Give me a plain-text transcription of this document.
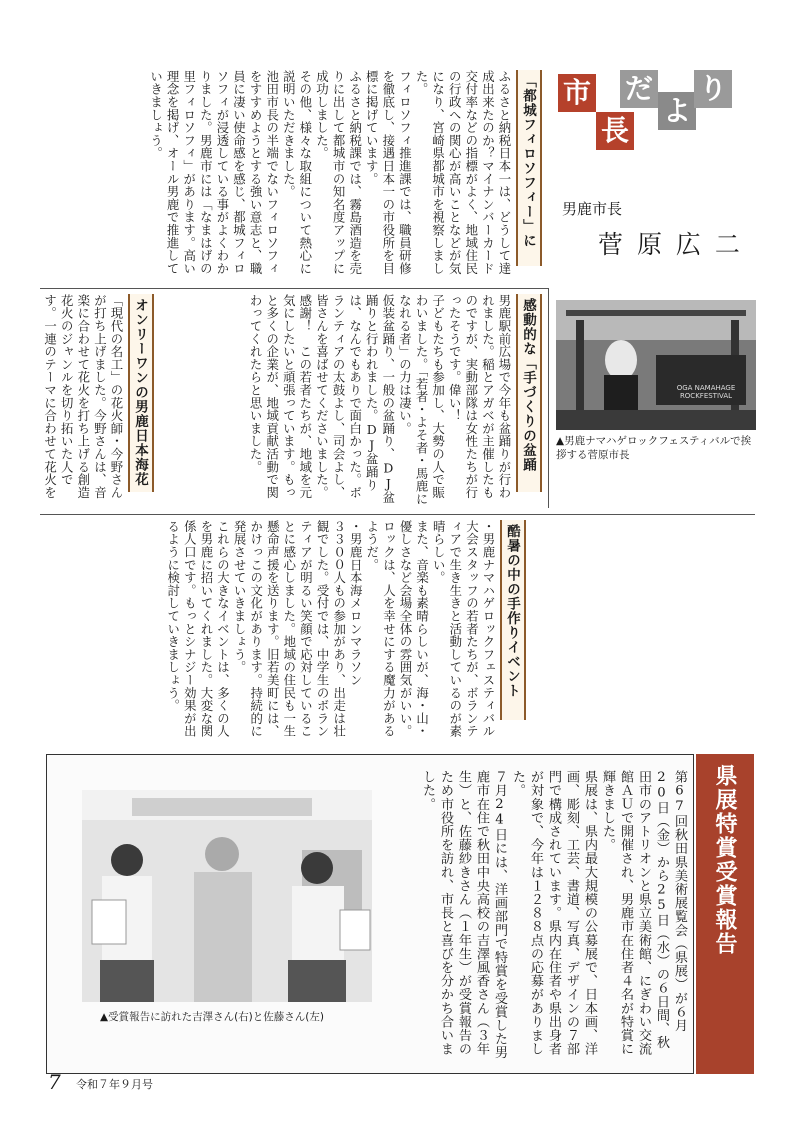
市
長
だ
よ
り
男鹿市長
菅 原 広 二
「都城フィロソフィー」に
ふるさと納税日本一は、どうして達成出来たのか？マイナンバーカード交付率などの指標がよく、地域住民の行政への関心が高いことなどが気になり、宮崎県都城市を視察しました。
フィロソフィ推進課では、職員研修を徹底し、接遇日本一の市役所を目標に掲げています。
ふるさと納税課では、霧島酒造を売りに出して都城市の知名度アップに成功しました。
その他、様々な取組について熱心に説明いただきました。
池田市長の半端でないフィロソフィをすすめようとする強い意志と、職員に凄い使命感を感じ、都城フィロソフィが浸透している事がよくわかりました。男鹿市には「なまはげの里フィロソフィ」があります。高い理念を掲げ、オール男鹿で推進していきましょう。
OGA NAMAHAGE ROCKFESTIVAL
▲男鹿ナマハゲロックフェスティバルで挨拶する菅原市長
感動的な「手づくりの盆踊
男鹿駅前広場で今年も盆踊りが行われました。稲とアガベが主催したものですが、実動部隊は女性たちが行ったそうです。偉い！
子どもたちも参加し、大勢の人で賑わいました。「若者・よそ者・馬鹿になれる者」の力は凄い。
仮装盆踊り、一般の盆踊り、DJ盆踊りと行われました。DJ盆踊りは、なんでもありで面白かった。ボランティアの太鼓よし、司会よし、皆さんを喜ばせてくださいました。感謝！　この若者たちが、地域を元気にしたいと頑張っています。もっと多くの企業が、地域貢献活動で関わってくれたらと思いました。
オンリーワンの男鹿日本海花
「現代の名工」の花火師・今野さんが打ち上げました。今野さんは、音楽に合わせて花火を打ち上げる創造花火のジャンルを切り拓いた人です。一連のテーマに合わせて花火を

酷暑の中の手作りイベント
・男鹿ナマハゲロックフェスティバル
大会スタッフの若者たちが、ボランティアで生き生きと活動しているのが素晴らしい。
また、音楽も素晴らしいが、海・山・優しさなど会場全体の雰囲気がいい。ロックは、人を幸せにする魔力があるようだ。
・男鹿日本海メロンマラソン
３３００人もの参加があり、出走は壮観でした。受付では、中学生のボランティアが明るい笑顔で応対していることに感心しました。地域の住民も一生懸命声援を送ります。旧若美町には、かけっこの文化があります。持続的に発展させていきましょう。
これらの大きなイベントは、多くの人を男鹿に招いてくれました。大変な関係人口です。もっとシナジー効果が出るように検討していきましょう。
県展特賞受賞報告
第67回秋田県美術展覧会（県展）が６月20日（金）から25日（水）の６日間、秋田市のアトリオンと県立美術館、にぎわい交流館ＡＵで開催され、男鹿市在住者４名が特賞に輝きました。
県展は、県内最大規模の公募展で、日本画、洋画、彫刻、工芸、書道、写真、デザインの７部門で構成されています。県内在住者や県出身者が対象で、今年は１２８８点の応募がありました。
７月24日には、洋画部門で特賞を受賞した男鹿市在住で秋田中央高校の吉澤風香さん（３年生）と、佐藤紗きさん（１年生）が受賞報告のため市役所を訪れ、市長と喜びを分かち合いました。
▲受賞報告に訪れた吉澤さん(右)と佐藤さん(左)
7 令和７年９月号
